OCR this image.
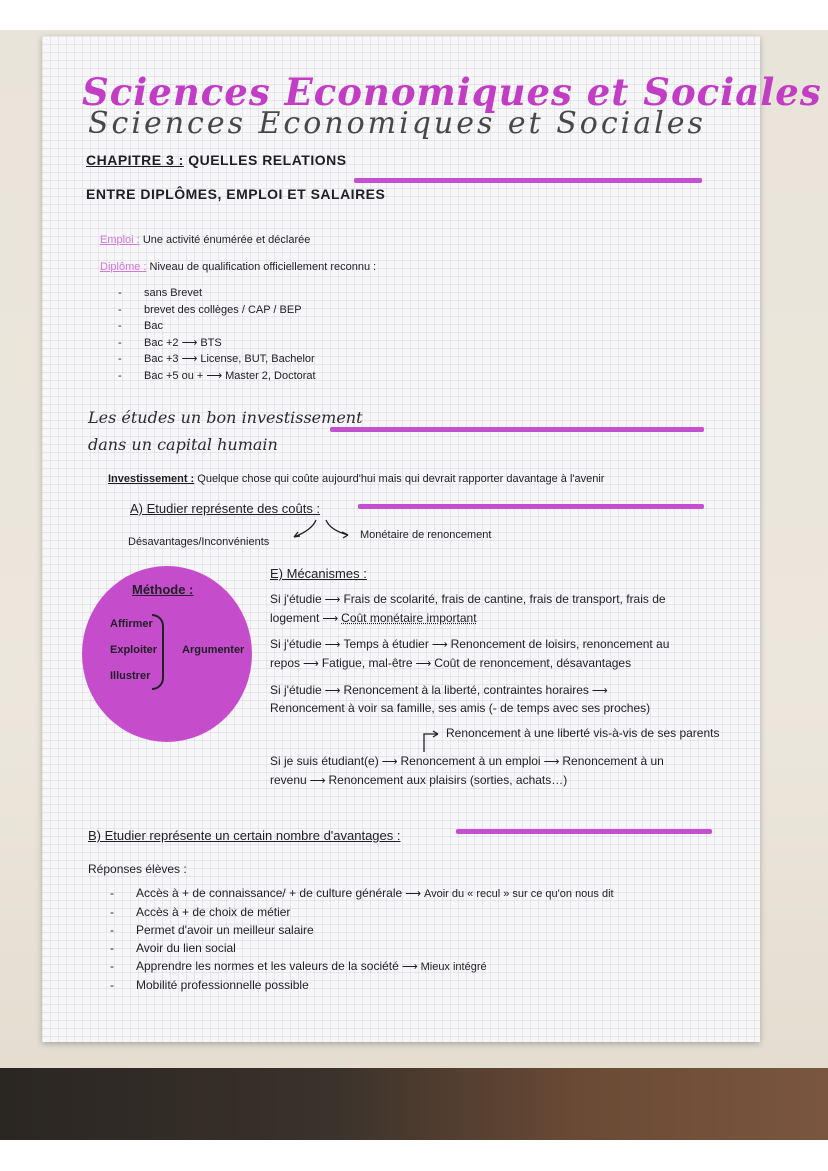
Sciences Economiques et Sociales
Sciences Economiques et Sociales
CHAPITRE 3 : QUELLES RELATIONS
ENTRE DIPLÔMES, EMPLOI ET SALAIRES
Emploi : Une activité énumérée et déclarée
Diplôme : Niveau de qualification officiellement reconnu :
- sans Brevet
- brevet des collèges / CAP / BEP
- Bac
- Bac +2 ⟶ BTS
- Bac +3 ⟶ License, BUT, Bachelor
- Bac +5 ou + ⟶ Master 2, Doctorat
Les études un bon investissement
dans un capital humain
Investissement : Quelque chose qui coûte aujourd'hui mais qui devrait rapporter davantage à l'avenir
A) Etudier représente des coûts :
Désavantages/Inconvénients
Monétaire de renoncement
Méthode :
Affirmer
Exploiter
Illustrer
Argumenter
E) Mécanismes :
Si j'étudie ⟶ Frais de scolarité, frais de cantine, frais de transport, frais de
logement ⟶ Coût monétaire important
Si j'étudie ⟶ Temps à étudier ⟶ Renoncement de loisirs, renoncement au
repos ⟶ Fatigue, mal-être ⟶ Coût de renoncement, désavantages
Si j'étudie ⟶ Renoncement à la liberté, contraintes horaires ⟶
Renoncement à voir sa famille, ses amis (- de temps avec ses proches)
Renoncement à une liberté vis-à-vis de ses parents
Si je suis étudiant(e) ⟶ Renoncement à un emploi ⟶ Renoncement à un
revenu ⟶ Renoncement aux plaisirs (sorties, achats…)
B) Etudier représente un certain nombre d'avantages :
Réponses élèves :
- Accès à + de connaissance/ + de culture générale ⟶ Avoir du « recul » sur ce qu'on nous dit
- Accès à + de choix de métier
- Permet d'avoir un meilleur salaire
- Avoir du lien social
- Apprendre les normes et les valeurs de la société ⟶ Mieux intégré
- Mobilité professionnelle possible
